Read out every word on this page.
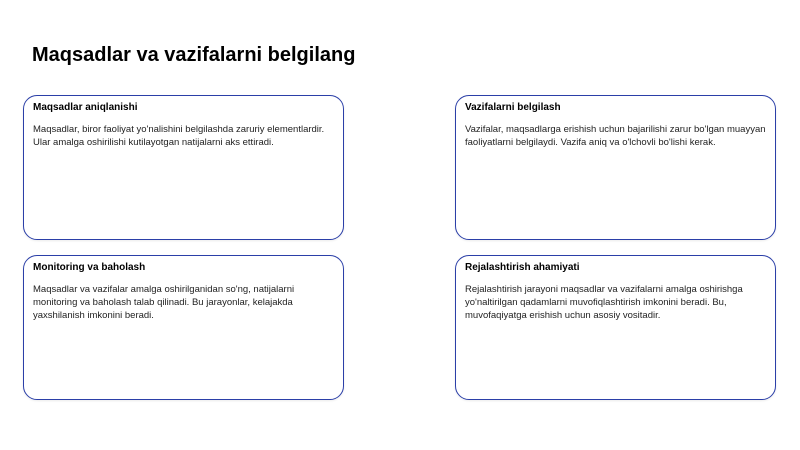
Maqsadlar va vazifalarni belgilang

Maqsadlar aniqlanishi

Maqsadlar, biror faoliyat yo'nalishini belgilashda zaruriy elementlardir. Ular amalga oshirilishi kutilayotgan natijalarni aks ettiradi.

Vazifalarni belgilash

Vazifalar, maqsadlarga erishish uchun bajarilishi zarur bo'lgan muayyan faoliyatlarni belgilaydi. Vazifa aniq va o'lchovli bo'lishi kerak.

Monitoring va baholash

Maqsadlar va vazifalar amalga oshirilganidan so'ng, natijalarni monitoring va baholash talab qilinadi. Bu jarayonlar, kelajakda yaxshilanish imkonini beradi.

Rejalashtirish ahamiyati

Rejalashtirish jarayoni maqsadlar va vazifalarni amalga oshirishga yo'naltirilgan qadamlarni muvofiqlashtirish imkonini beradi. Bu, muvofaqiyatga erishish uchun asosiy vositadir.
